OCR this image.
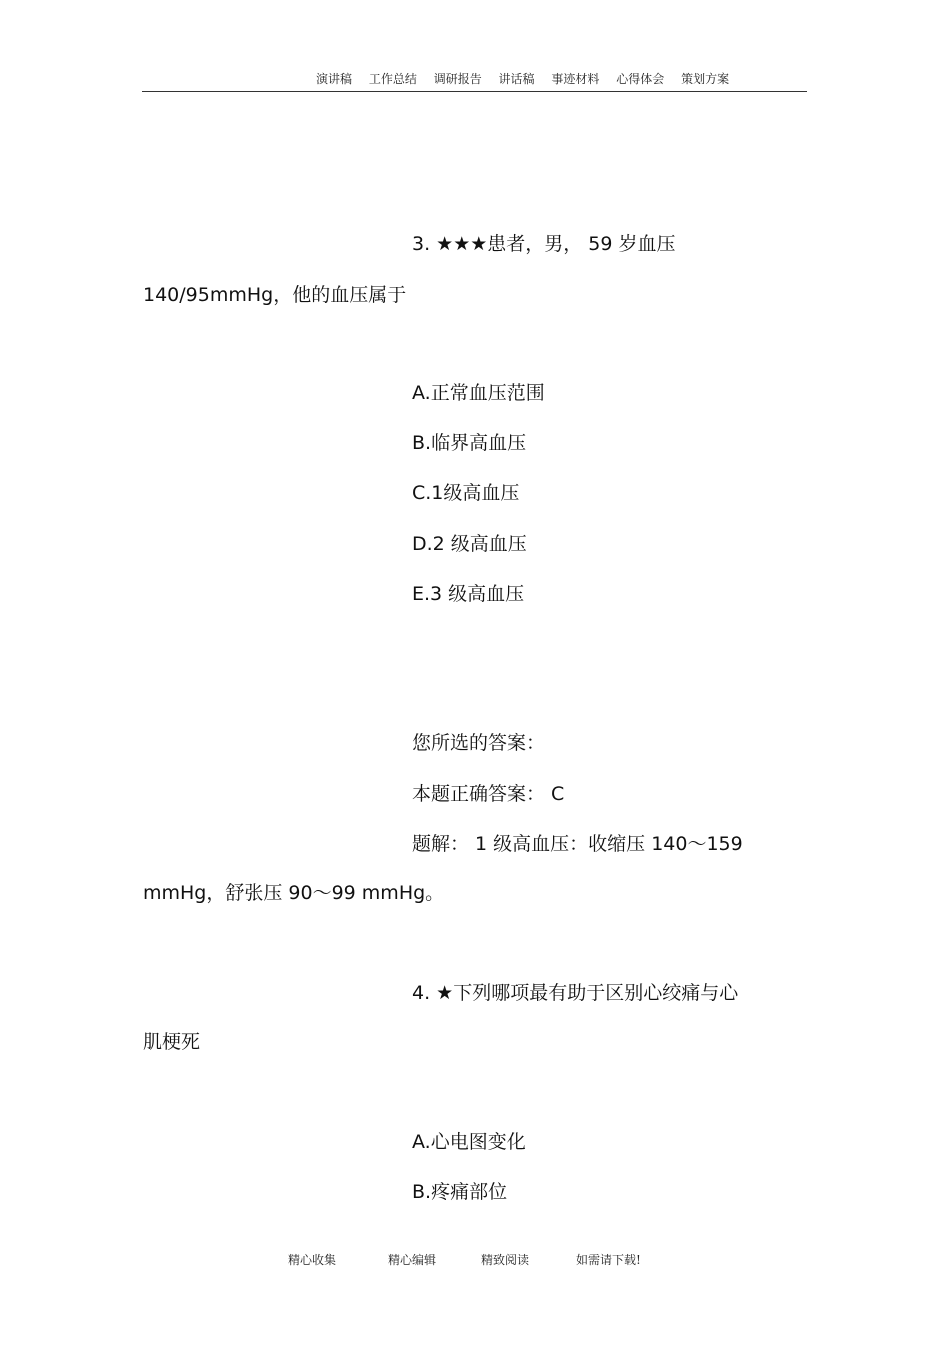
演讲稿 工作总结 调研报告 讲话稿 事迹材料 心得体会 策划方案
3. ★★★患者，男， 59 岁血压
140/95mmHg，他的血压属于
A.正常血压范围
B.临界高血压
C.1级高血压
D.2 级高血压
E.3 级高血压
您所选的答案：
本题正确答案： C
题解： 1 级高血压：收缩压 140～159
mmHg，舒张压 90～99 mmHg。
4. ★下列哪项最有助于区别心绞痛与心
肌梗死
A.心电图变化
B.疼痛部位
精心收集	精心编辑	精致阅读	如需请下载!
